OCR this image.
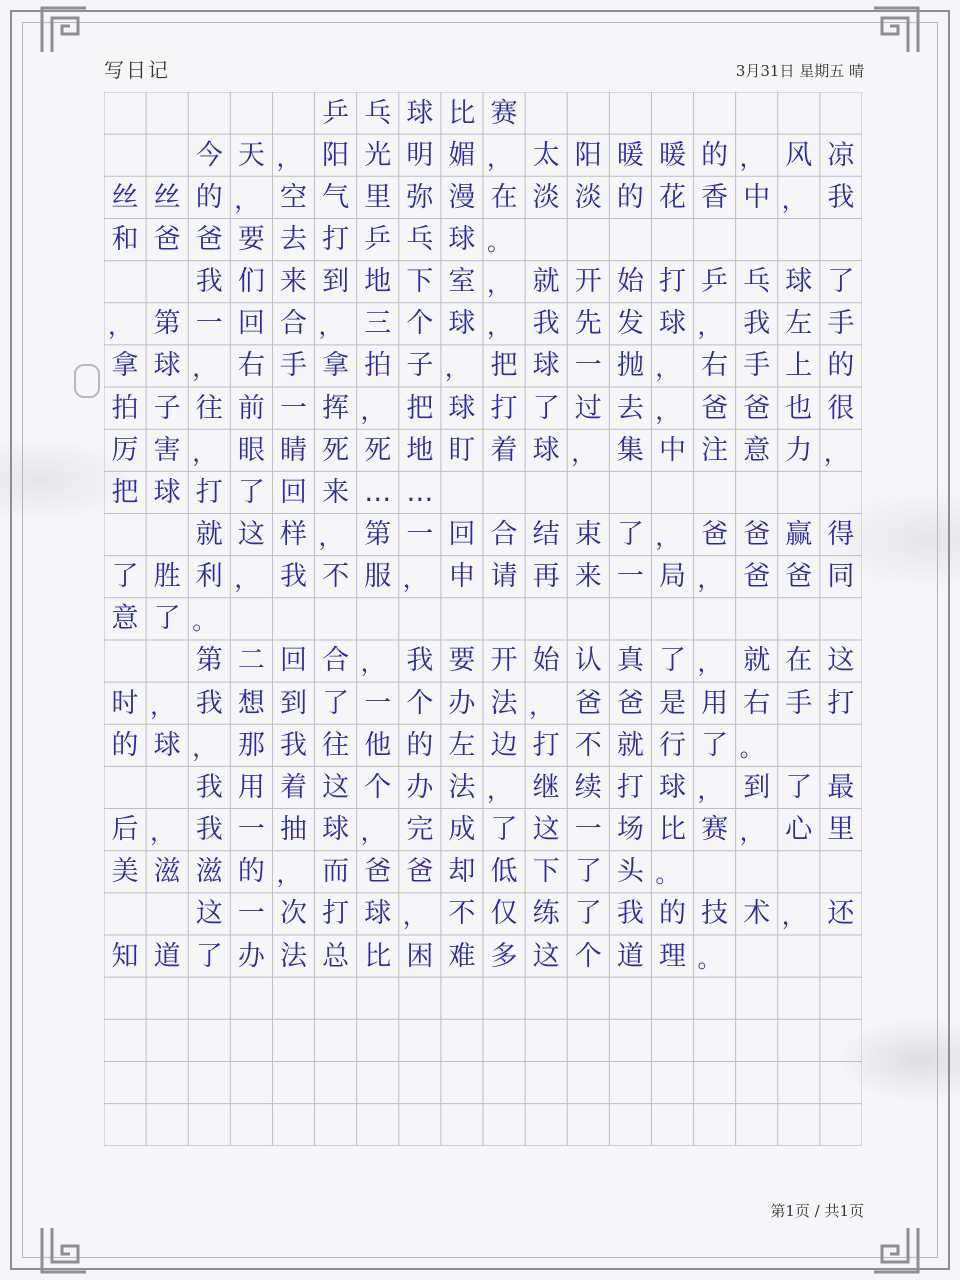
写日记	3月31日 星期五 晴
乒 乓 球 比 赛
今 天 ， 阳 光 明 媚 ， 太 阳 暖 暖 的 ， 风 凉
丝 丝 的 ， 空 气 里 弥 漫 在 淡 淡 的 花 香 中 ， 我
和 爸 爸 要 去 打 乒 乓 球 。
我 们 来 到 地 下 室 ， 就 开 始 打 乒 乓 球 了
， 第 一 回 合 ， 三 个 球 ， 我 先 发 球 ， 我 左 手
拿 球 ， 右 手 拿 拍 子 ， 把 球 一 抛 ， 右 手 上 的
拍 子 往 前 一 挥 ， 把 球 打 了 过 去 ， 爸 爸 也 很
厉 害 ， 眼 睛 死 死 地 盯 着 球 ， 集 中 注 意 力 ，
把 球 打 了 回 来 … …
就 这 样 ， 第 一 回 合 结 束 了 ， 爸 爸 赢 得
了 胜 利 ， 我 不 服 ， 申 请 再 来 一 局 ， 爸 爸 同
意 了 。
第 二 回 合 ， 我 要 开 始 认 真 了 ， 就 在 这
时 ， 我 想 到 了 一 个 办 法 ， 爸 爸 是 用 右 手 打
的 球 ， 那 我 往 他 的 左 边 打 不 就 行 了 。
我 用 着 这 个 办 法 ， 继 续 打 球 ， 到 了 最
后 ， 我 一 抽 球 ， 完 成 了 这 一 场 比 赛 ， 心 里
美 滋 滋 的 ， 而 爸 爸 却 低 下 了 头 。
这 一 次 打 球 ， 不 仅 练 了 我 的 技 术 ， 还
知 道 了 办 法 总 比 困 难 多 这 个 道 理 。
第1页 / 共1页
